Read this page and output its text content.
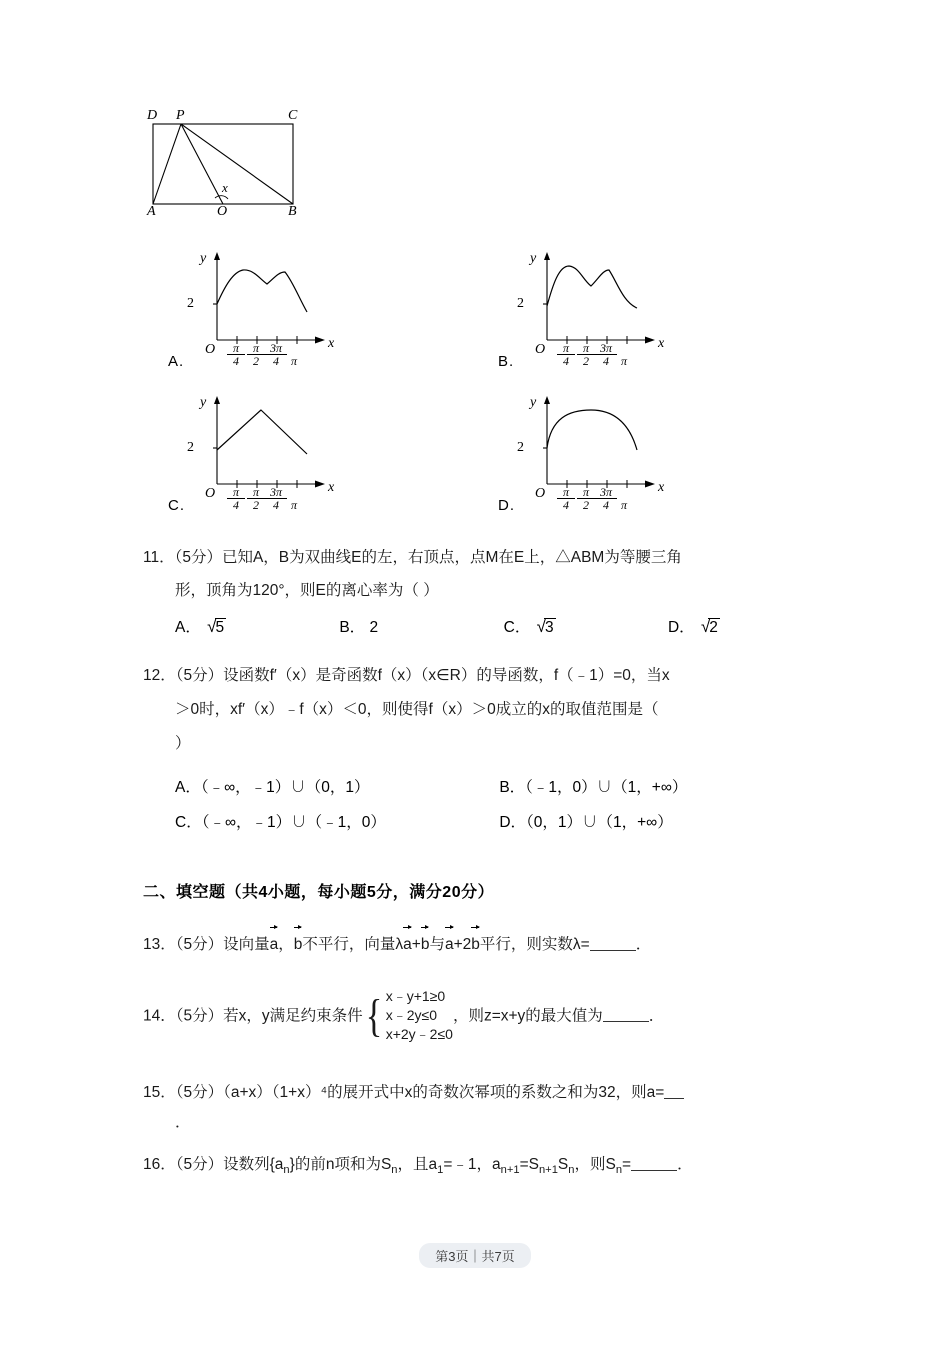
D P	C
A	O	B
x
A.
y
2
O	x
π
4
π
2
3π
4	π	B.
y
2
O	x
π
4
π
2
3π
4	π
C.
y
2
O	x
π
4
π
2
3π
4	π	D.
y
2
O	x
π
4
π
2
3π
4	π
11．（5分）已知A，B为双曲线E的左，右顶点，点M在E上，△ABM为等腰三角
形，顶角为120°，则E的离心率为（ ）
A． √5	B． 2	C． √3	D． √2
12．（5分）设函数f′（x）是奇函数f（x）（x∈R）的导函数，f（﹣1）=0，当x
＞0时，xf′（x）﹣f（x）＜0，则使得f（x）＞0成立的x的取值范围是（
）
A．（﹣∞，﹣1）∪（0，1）	B．（﹣1，0）∪（1，+∞）
C．（﹣∞，﹣1）∪（﹣1，0）	D．（0，1）∪（1，+∞）
二、填空题（共4小题，每小题5分，满分20分）
13．（5分）设向量a，b不平行，向量λa+b与a+2b平行，则实数λ=	．
14．（5分）若x，y满足约束条件 { x﹣y+1≥0
x﹣2y≤0
x+2y﹣2≤0
，则z=x+y的最大值为	．
15．（5分）（a+x）（1+x）⁴的展开式中x的奇数次幂项的系数之和为32，则a=
．
16．（5分）设数列$\{a_n\}$的前n项和为$S_n$，且$a_1=﹣1$，$a_{n+1}=S_{n+1}S_n$，则$S_n=$	．
第3页｜共7页
